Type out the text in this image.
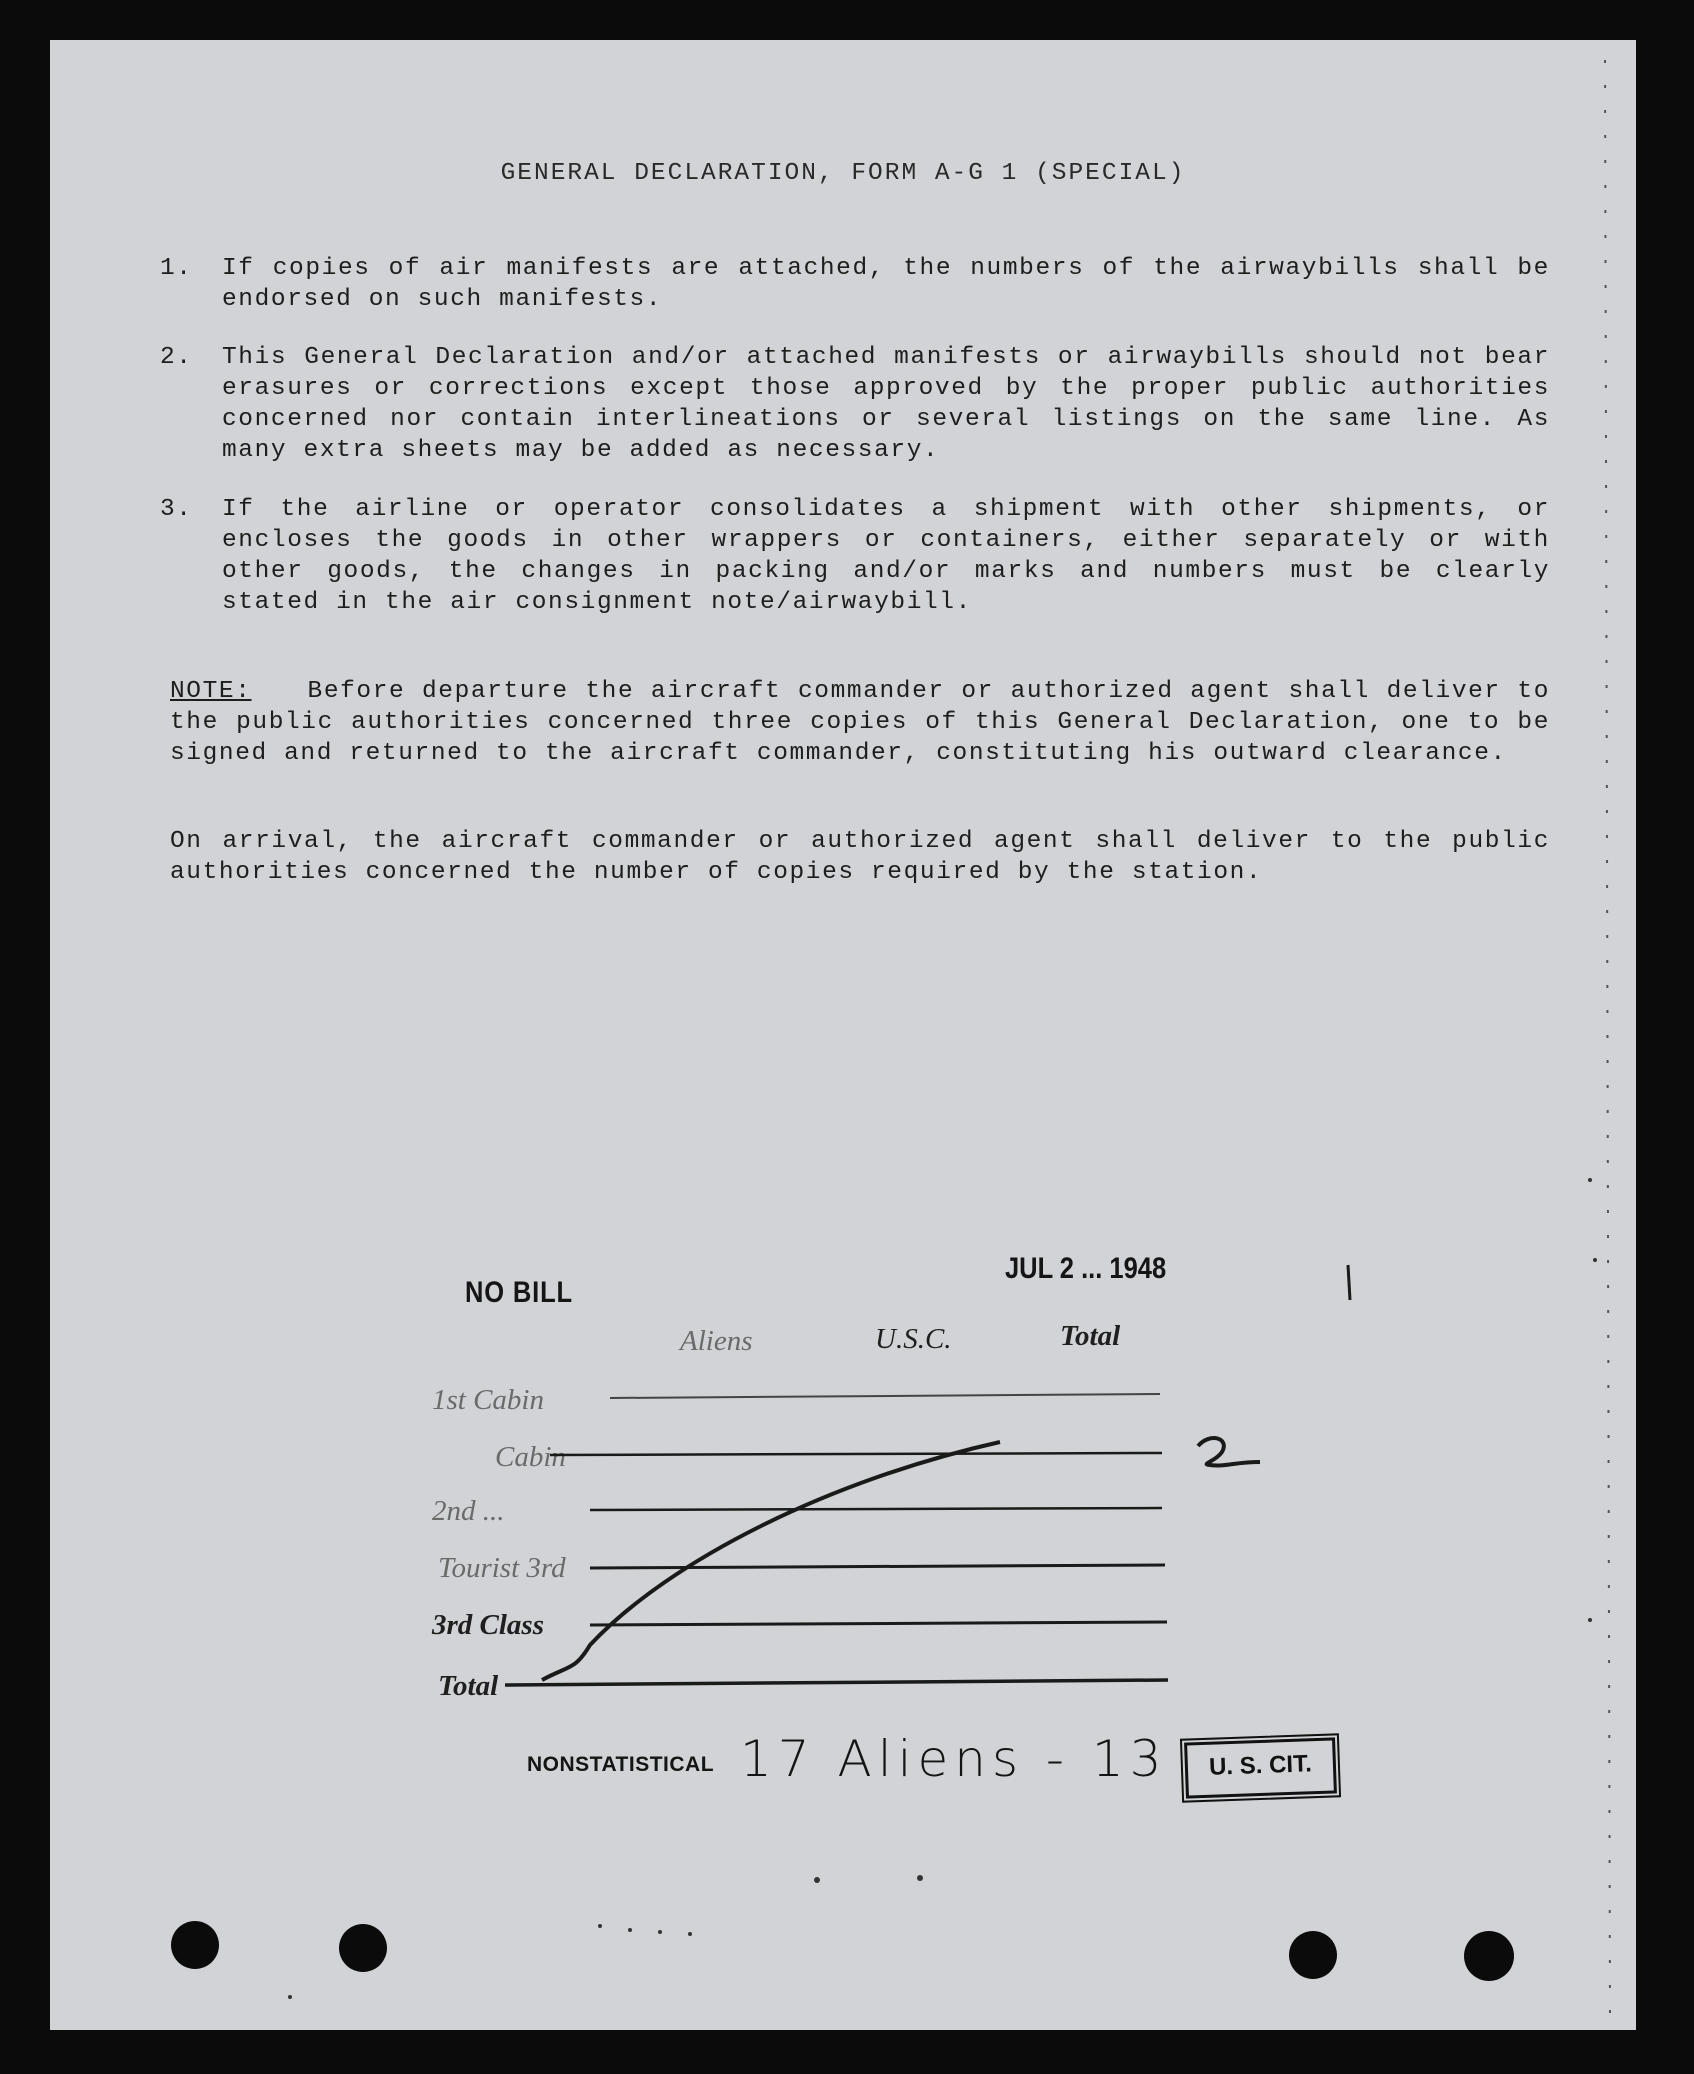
GENERAL DECLARATION, FORM A-G 1 (SPECIAL)
1.	If copies of air manifests are attached, the numbers of the airwaybills shall be endorsed on such manifests.
2.	This General Declaration and/or attached manifests or airwaybills should not bear erasures or corrections except those approved by the proper public authorities concerned nor contain interlineations or several listings on the same line. As many extra sheets may be added as necessary.
3.	If the airline or operator consolidates a shipment with other shipments, or encloses the goods in other wrappers or containers, either separately or with other goods, the changes in packing and/or marks and numbers must be clearly stated in the air consignment note/airwaybill.
NOTE: Before departure the aircraft commander or authorized agent shall deliver to the public authorities concerned three copies of this General Declaration, one to be signed and returned to the aircraft commander, constituting his outward clearance.
On arrival, the aircraft commander or authorized agent shall deliver to the public authorities concerned the number of copies required by the station.
NO BILL
JUL 2 ... 1948
Aliens	U.S.C.	Total
1st Cabin
Cabin
2nd ...
Tourist 3rd
3rd Class
Total
NONSTATISTICAL 17 Aliens - 13	U. S. CIT.
